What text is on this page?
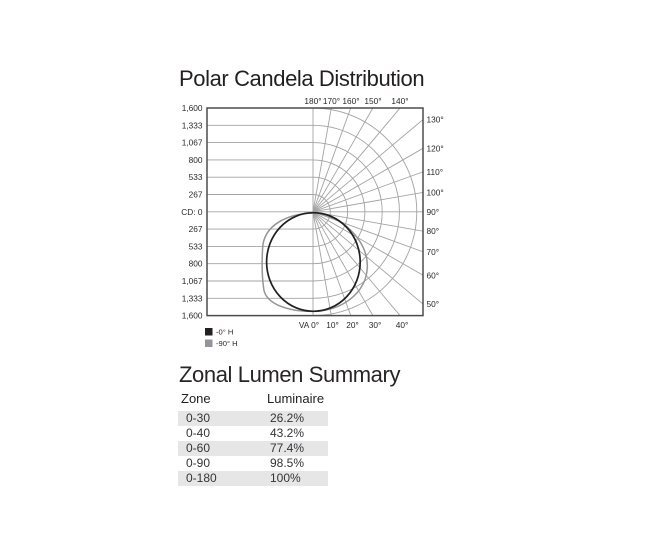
Polar Candela Distribution
1,600
1,333
1,067
800
533
267
CD: 0
267
533
800
1,067
1,333
1,600
180° 170° 160° 150° 140°
130°
120°
110°
100°
90°
80°
70°
60°
50°
VA 0° 10° 20° 30° 40°
-0° H
-90° H
Zonal Lumen Summary
Zone	Luminaire
0-30	26.2%
0-40	43.2%
0-60	77.4%
0-90	98.5%
0-180	100%
